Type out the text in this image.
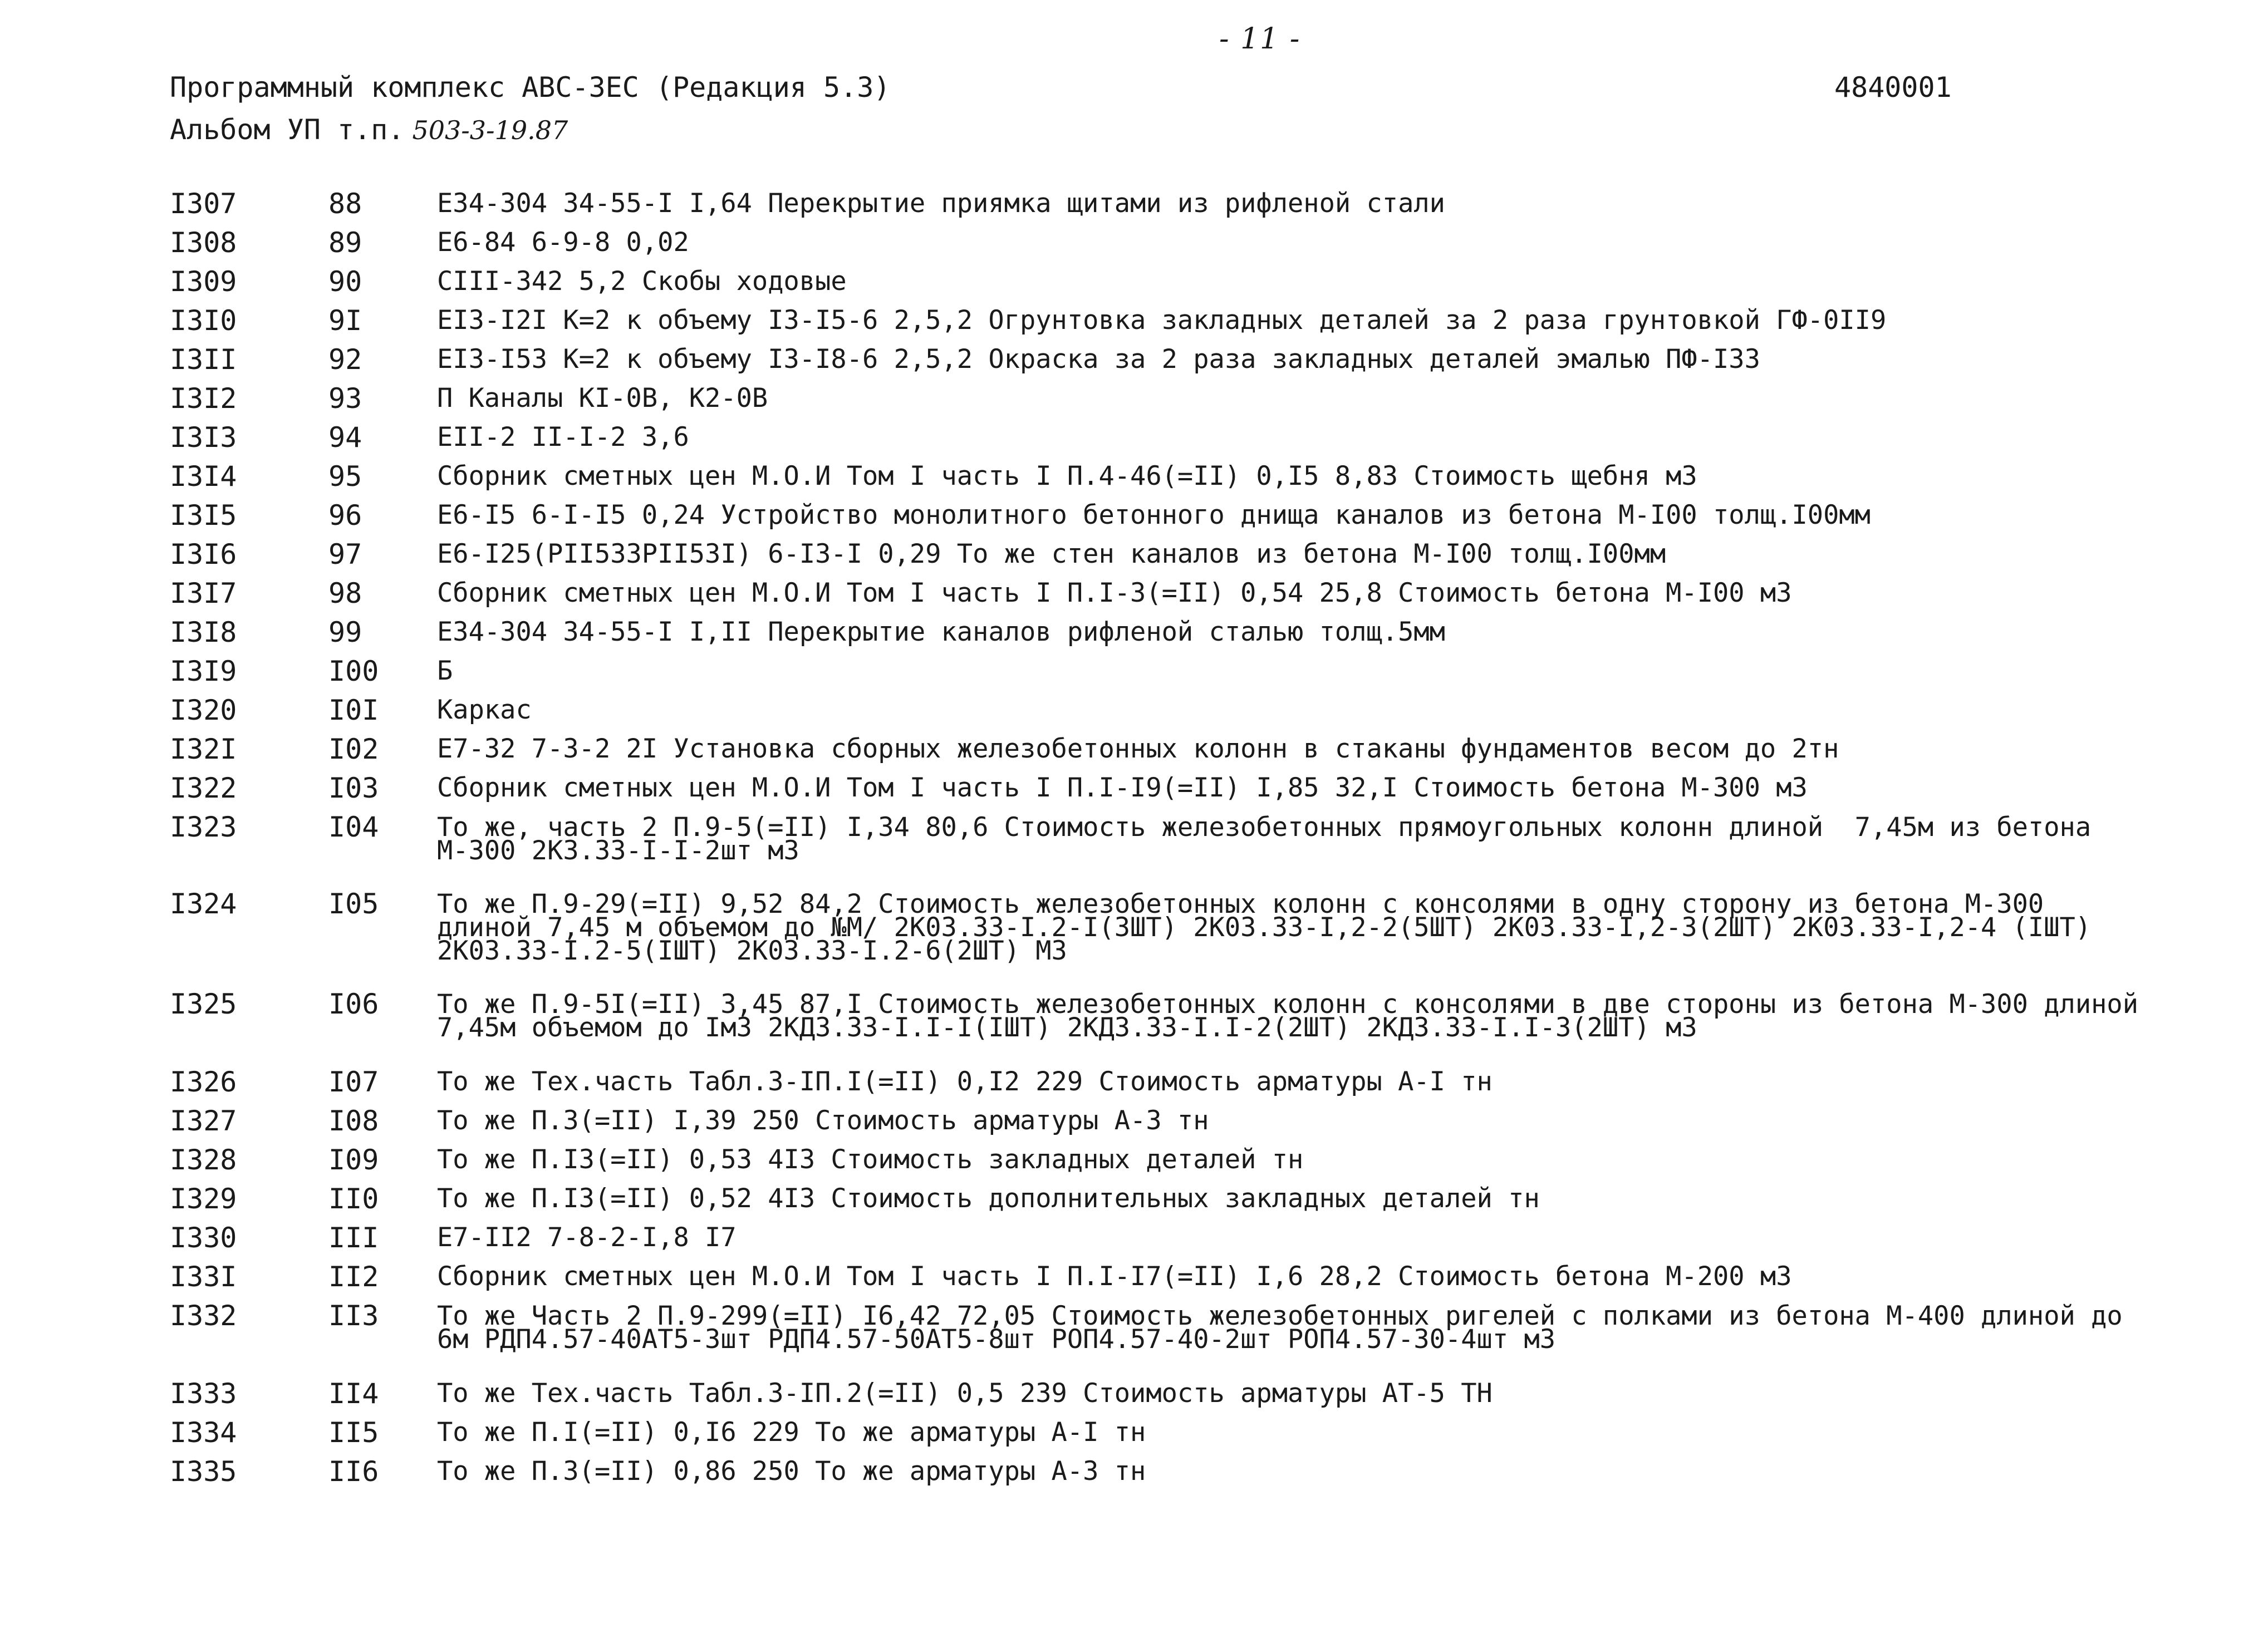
- 11 -
Программный комплекс АВС-ЗЕС (Редакция 5.3)
Альбом УП т.п. 503-3-19.87
4840001
I307	88	Е34-304 34-55-I I,64 Перекрытие приямка щитами из рифленой стали
I308	89	Е6-84 6-9-8 0,02
I309	90	СIII-342 5,2 Скобы ходовые
I3I0	9I	ЕI3-I2I К=2 к объему I3-I5-6 2,5,2 Огрунтовка закладных деталей за 2 раза грунтовкой ГФ-0II9
I3II	92	ЕI3-I53 К=2 к объему I3-I8-6 2,5,2 Окраска за 2 раза закладных деталей эмалью ПФ-I33
I3I2	93	П Каналы КI-0В, К2-0В
I3I3	94	ЕII-2 II-I-2 3,6
I3I4	95	Сборник сметных цен М.О.И Том I часть I П.4-46(=II) 0,I5 8,83 Стоимость щебня м3
I3I5	96	Е6-I5 6-I-I5 0,24 Устройство монолитного бетонного днища каналов из бетона М-I00 толщ.I00мм
I3I6	97	Е6-I25(РII533РII53I) 6-I3-I 0,29 То же стен каналов из бетона М-I00 толщ.I00мм
I3I7	98	Сборник сметных цен М.О.И Том I часть I П.I-3(=II) 0,54 25,8 Стоимость бетона М-I00 м3
I3I8	99	Е34-304 34-55-I I,II Перекрытие каналов рифленой сталью толщ.5мм
I3I9	I00 Б
I320	I0I Каркас
I32I	I02 Е7-32 7-3-2 2I Установка сборных железобетонных колонн в стаканы фундаментов весом до 2тн
I322	I03 Сборник сметных цен М.О.И Том I часть I П.I-I9(=II) I,85 32,I Стоимость бетона М-300 м3
I323	I04 То же, часть 2 П.9-5(=II) I,34 80,6 Стоимость железобетонных прямоугольных колонн длиной  7,45м из бетона М-300 2К3.33-I-I-2шт м3
I324	I05 То же П.9-29(=II) 9,52 84,2 Стоимость железобетонных колонн с консолями в одну сторону из бетона М-300 длиной 7,45 м объемом до №М/ 2К03.33-I.2-I(3ШТ) 2К03.33-I,2-2(5ШТ) 2К03.33-I,2-3(2ШТ) 2К03.33-I,2-4 (IШТ) 2К03.33-I.2-5(IШТ) 2К03.33-I.2-6(2ШТ) М3
I325	I06 То же П.9-5I(=II) 3,45 87,I Стоимость железобетонных колонн с консолями в две стороны из бетона М-300 длиной 7,45м объемом до Iм3 2КД3.33-I.I-I(IШТ) 2КД3.33-I.I-2(2ШТ) 2КД3.33-I.I-3(2ШТ) м3
I326	I07 То же Тех.часть Табл.3-IП.I(=II) 0,I2 229 Стоимость арматуры А-I тн
I327	I08 То же П.3(=II) I,39 250 Стоимость арматуры А-3 тн
I328	I09 То же П.I3(=II) 0,53 4I3 Стоимость закладных деталей тн
I329	II0 То же П.I3(=II) 0,52 4I3 Стоимость дополнительных закладных деталей тн
I330	III Е7-II2 7-8-2-I,8 I7
I33I	II2 Сборник сметных цен М.О.И Том I часть I П.I-I7(=II) I,6 28,2 Стоимость бетона М-200 м3
I332	II3 То же Часть 2 П.9-299(=II) I6,42 72,05 Стоимость железобетонных ригелей с полками из бетона М-400 длиной до 6м РДП4.57-40АТ5-3шт РДП4.57-50АТ5-8шт РОП4.57-40-2шт РОП4.57-30-4шт м3
I333	II4 То же Тех.часть Табл.3-IП.2(=II) 0,5 239 Стоимость арматуры АТ-5 ТН
I334	II5 То же П.I(=II) 0,I6 229 То же арматуры А-I тн
I335	II6 То же П.3(=II) 0,86 250 То же арматуры А-3 тн
